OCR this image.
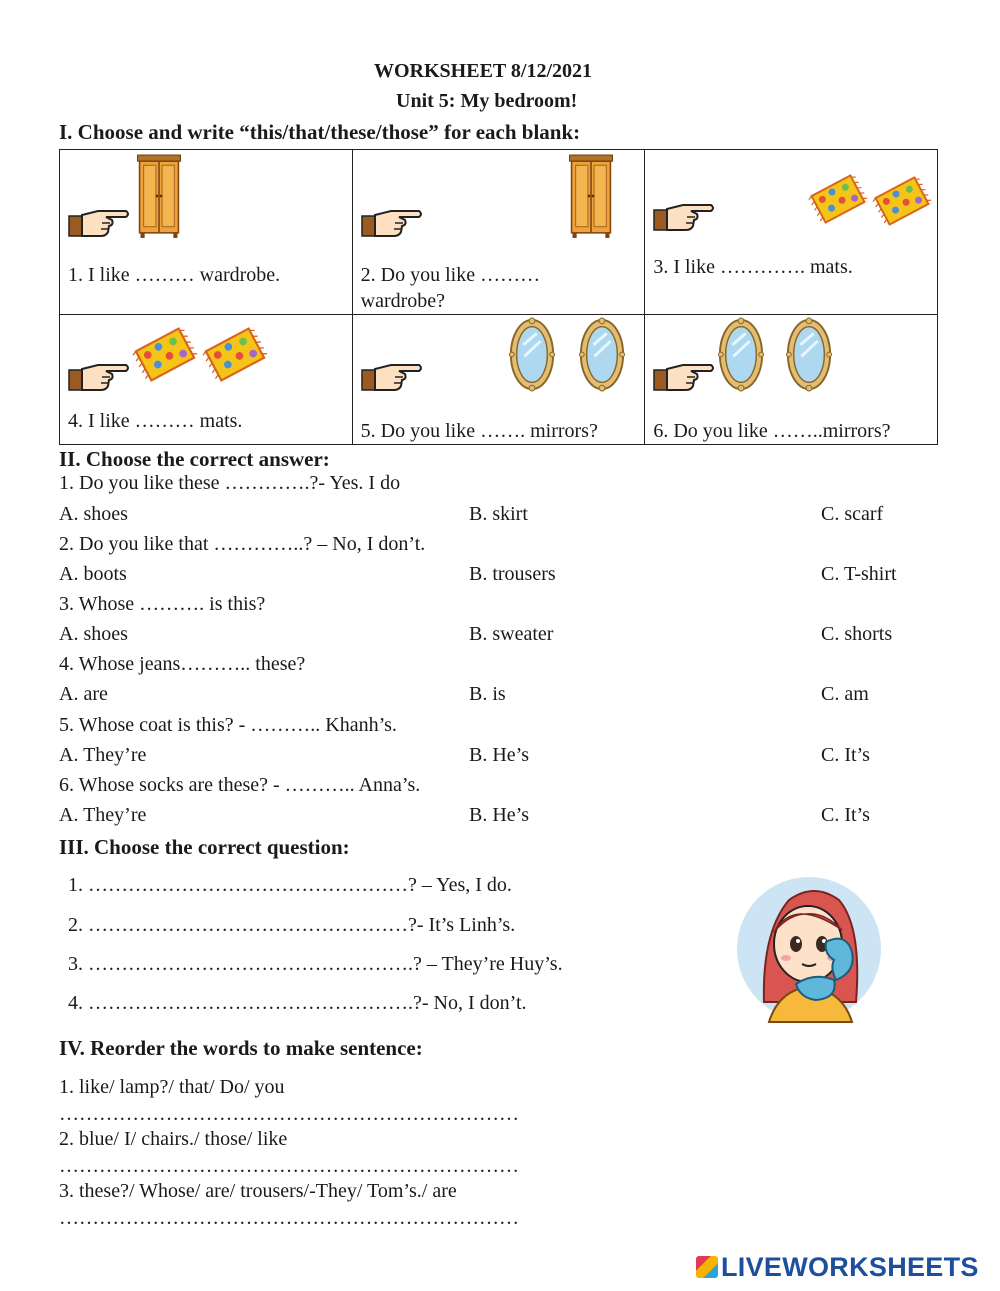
WORKSHEET 8/12/2021
Unit 5: My bedroom!
I. Choose and write “this/that/these/those” for each blank:
1. I like ……… wardrobe.	2. Do you like ……… wardrobe?	3. I like …………. mats.

4. I like ……… mats.	5. Do you like ……. mirrors?	6. Do you like ……..mirrors?
II. Choose the correct answer:
1. Do you like these ………….?- Yes. I do
A. shoes	B. skirt	C. scarf
2. Do you like that …………..? – No, I don’t.
A. boots	B. trousers	C. T-shirt
3. Whose ………. is this?
A. shoes	B. sweater	C. shorts
4. Whose jeans……….. these?
A. are	B. is	C. am
5. Whose coat is this? - ……….. Khanh’s.
A. They’re	B. He’s	C. It’s
6. Whose socks are these? - ……….. Anna’s.
A. They’re	B. He’s	C. It’s
III. Choose the correct question:
1. …………………………………………? – Yes, I do.
2. …………………………………………?- It’s Linh’s.
3. ………………………………………….? – They’re Huy’s.
4. ………………………………………….?- No, I don’t.
IV. Reorder the words to make sentence:
1. like/ lamp?/ that/ Do/ you
……………………………………………………………
2. blue/ I/ chairs./ those/ like
……………………………………………………………
3. these?/ Whose/ are/ trousers/-They/ Tom’s./ are
……………………………………………………………
LIVEWORKSHEETS
